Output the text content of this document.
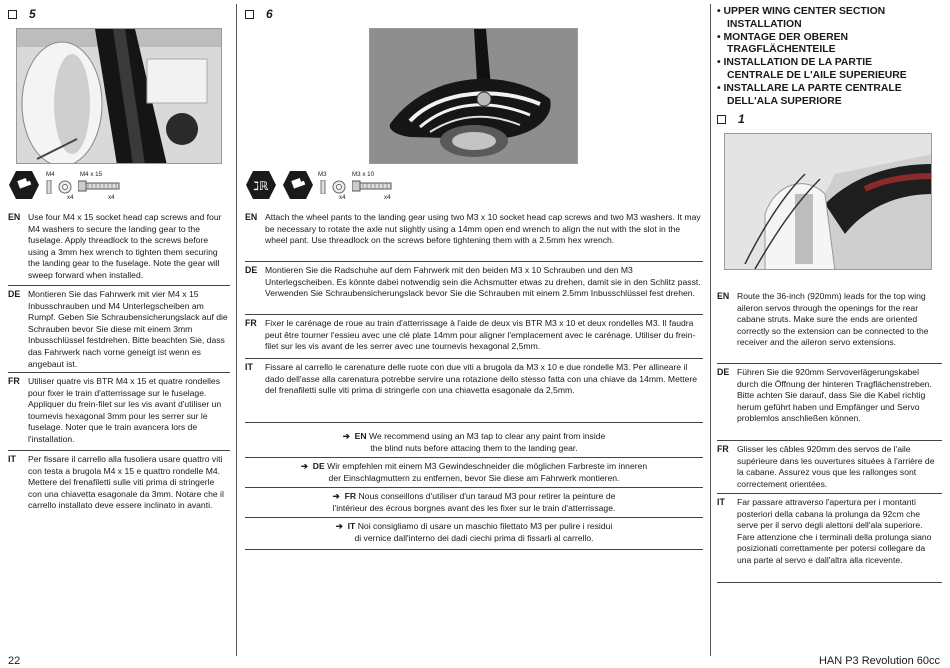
5
M4
x4
M4 x 15
x4
EN Use four M4 x 15 socket head cap screws and four M4 washers to secure the landing gear to the fuselage. Apply threadlock to the screws before using a 3mm hex wrench to tighten them securing the landing gear to the fuselage. Note the gear will sweep forward when installed.
DE Montieren Sie das Fahrwerk mit vier M4 x 15 Inbusschrauben und M4 Unterlegscheiben am Rumpf. Geben Sie Schraubensicherungslack auf die Schrauben bevor Sie diese mit einem 3mm Inbusschlüssel festdrehen. Bitte beachten Sie, dass das Fahrwerk nach vorne geneigt ist wenn es angebaut ist.
FR Utiliser quatre vis BTR M4 x 15 et quatre rondelles pour fixer le train d'atterrissage sur le fuselage. Appliquer du frein-filet sur les vis avant d'utiliser un tournevis hexagonal 3mm pour les serrer sur le fuselage. Noter que le train avancera lors de l'installation.
IT Per fissare il carrello alla fusoliera usare quattro viti con testa a brugola M4 x 15 e quattro rondelle M4. Mettere del frenafiletti sulle viti prima di stringerle con una chiavetta esagonale da 3mm. Notare che il carrello installato deve essere inclinato in avanti.
6
ℷℝ
M3
x4
M3 x 10
x4
EN Attach the wheel pants to the landing gear using two M3 x 10 socket head cap screws and two M3 washers. It may be necessary to rotate the axle nut slightly using a 14mm open end wrench to align the nut with the slot in the wheel pant. Use threadlock on the screws before tightening them with a 2.5mm hex wrench.
DE Montieren Sie die Radschuhe auf dem Fahrwerk mit den beiden M3 x 10 Schrauben und den M3 Unterlegscheiben. Es könnte dabei notwendig sein die Achsmutter etwas zu drehen, damit sie in den Schlitz passt. Verwenden Sie Schraubensicherungslack bevor Sie die Schrauben mit einem 2.5mm Inbusschlüssel fest drehen.
FR Fixer le carénage de roue au train d'atterrissage à l'aide de deux vis BTR M3 x 10 et deux rondelles M3. Il faudra peut être tourner l'essieu avec une clé plate 14mm pour aligner l'emplacement avec le carénage. Utiliser du frein-filet sur les vis avant de les serrer avec une tournevis hexagonal 2,5mm.
IT Fissare al carrello le carenature delle ruote con due viti a brugola da M3 x 10 e due rondelle M3. Per allineare il dado dell'asse alla carenatura potrebbe servire una rotazione dello stesso fatta con una chiave da 14mm. Mettere del frenafiletti sulle viti prima di stringerle con una chiavetta esagonale da 2,5mm.
➔ EN We recommend using an M3 tap to clear any paint from inside
the blind nuts before attacing them to the landing gear.
➔ DE Wir empfehlen mit einem M3 Gewindeschneider die möglichen Farbreste im inneren
der Einschlagmuttern zu entfernen, bevor Sie diese am Fahrwerk montieren.
➔ FR Nous conseillons d'utiliser d'un taraud M3 pour retirer la peinture de
l'intérieur des écrous borgnes avant des les fixer sur le train d'atterrissage.
➔ IT Noi consigliamo di usare un maschio filettato M3 per pulire i residui
di vernice dall'interno dei dadi ciechi prima di fissarli al carrello.
• UPPER WING CENTER SECTION
INSTALLATION
• MONTAGE DER OBEREN
TRAGFLÄCHENTEILE
• INSTALLATION DE LA PARTIE
CENTRALE DE L'AILE SUPERIEURE
• INSTALLARE LA PARTE CENTRALE
DELL'ALA SUPERIORE
1
EN Route the 36-inch (920mm) leads for the top wing aileron servos through the openings for the rear cabane struts. Make sure the ends are oriented correctly so the extension can be connected to the receiver and the aileron servo extensions.
DE Führen Sie die 920mm Servoverlägerungskabel durch die Öffnung der hinteren Tragflächenstreben. Bitte achten Sie darauf, dass Sie die Kabel richtig herum geführt haben und Empfänger und Servo problemlos anschließen können.
FR Glisser les câbles 920mm des servos de l'aile supérieure dans les ouvertures situées à l'arrière de la cabane. Assurez vous que les rallonges sont correctement orientées.
IT Far passare attraverso l'apertura per i montanti posteriori della cabana la prolunga da 92cm che serve per il servo degli alettoni dell'ala superiore. Fare attenzione che i terminali della prolunga siano posizionati correttamente per potersi collegare da una parte al servo e dall'altra alla ricevente.
22	HAN P3 Revolution 60cc
